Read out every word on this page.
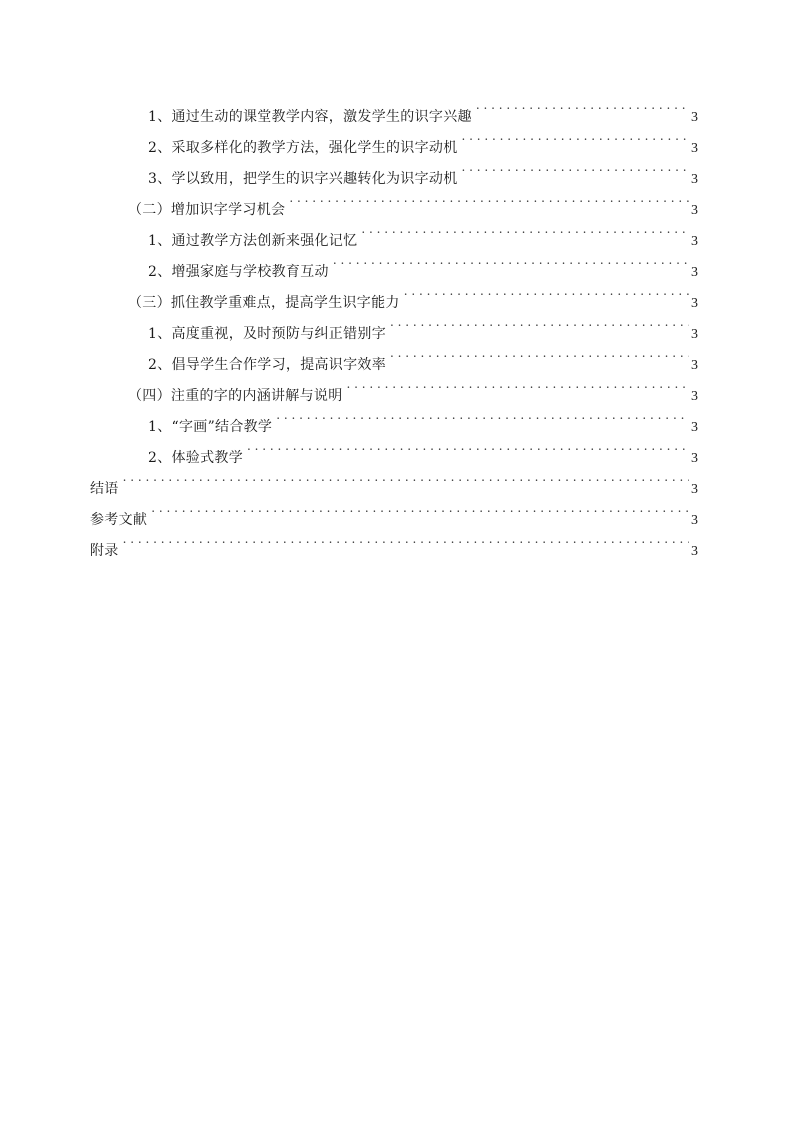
1、通过生动的课堂教学内容，激发学生的识字兴趣 . . .	3
2、采取多样化的教学方法，强化学生的识字动机 . . .	3
3、学以致用，把学生的识字兴趣转化为识字动机 . . .	3
（二）增加识字学习机会 . . .	3
1、通过教学方法创新来强化记忆 . . .	3
2、增强家庭与学校教育互动 . . .	3
（三）抓住教学重难点，提高学生识字能力 . . .	3
1、高度重视，及时预防与纠正错别字 . . .	3
2、倡导学生合作学习，提高识字效率 . . .	3
（四）注重的字的内涵讲解与说明 . . .	3
1、“字画”结合教学 . . .	3
2、体验式教学 . . .	3
结语 . . .	3
参考文献 . . .	3
附录 . . .	3
